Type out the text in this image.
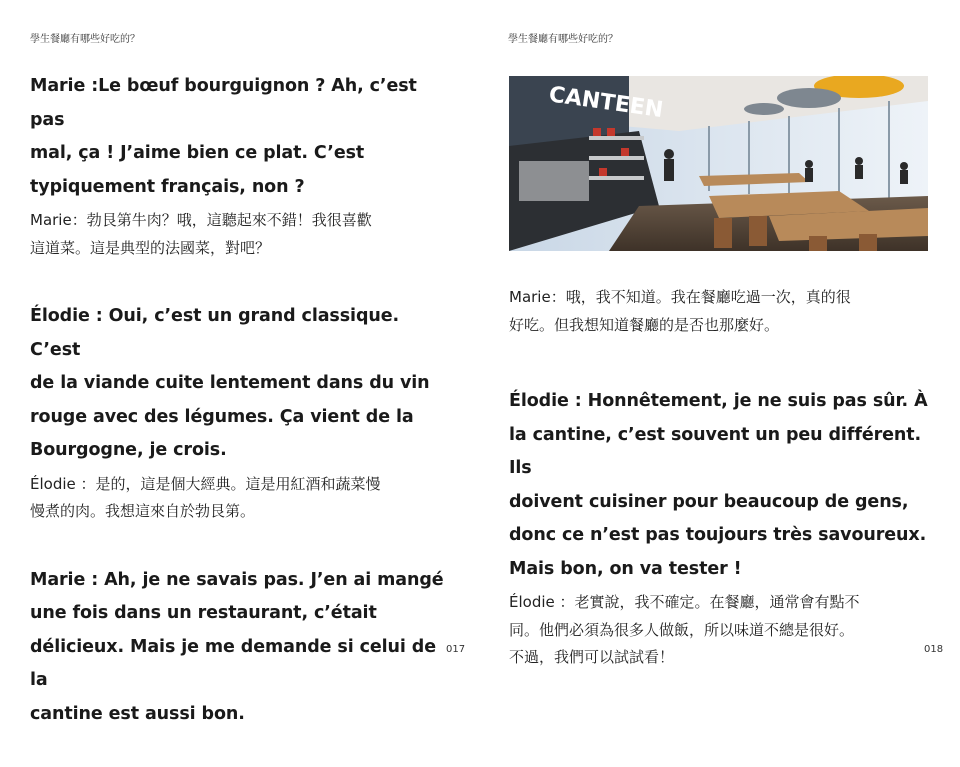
學生餐廳有哪些好吃的？

Marie :Le bœuf bourguignon ? Ah, c’est pas

mal, ça ! J’aime bien ce plat. C’est

typiquement français, non ?

Marie：勃艮第牛肉？哦，這聽起來不錯！我很喜歡
這道菜。這是典型的法國菜，對吧？

Élodie : Oui, c’est un grand classique. C’est

de la viande cuite lentement dans du vin

rouge avec des légumes. Ça vient de la

Bourgogne, je crois.

Élodie ：是的，這是個大經典。這是用紅酒和蔬菜慢
慢煮的肉。我想這來自於勃艮第。

Marie : Ah, je ne savais pas. J’en ai mangé

une fois dans un restaurant, c’était

délicieux. Mais je me demande si celui de la

cantine est aussi bon.

017
學生餐廳有哪些好吃的？
CANTEEN
Marie：哦，我不知道。我在餐廳吃過一次，真的很
好吃。但我想知道餐廳的是否也那麼好。

Élodie : Honnêtement, je ne suis pas sûr. À

la cantine, c’est souvent un peu différent. Ils

doivent cuisiner pour beaucoup de gens,

donc ce n’est pas toujours très savoureux.

Mais bon, on va tester !

Élodie ：老實說，我不確定。在餐廳，通常會有點不
同。他們必須為很多人做飯，所以味道不總是很好。
不過，我們可以試試看！	018
